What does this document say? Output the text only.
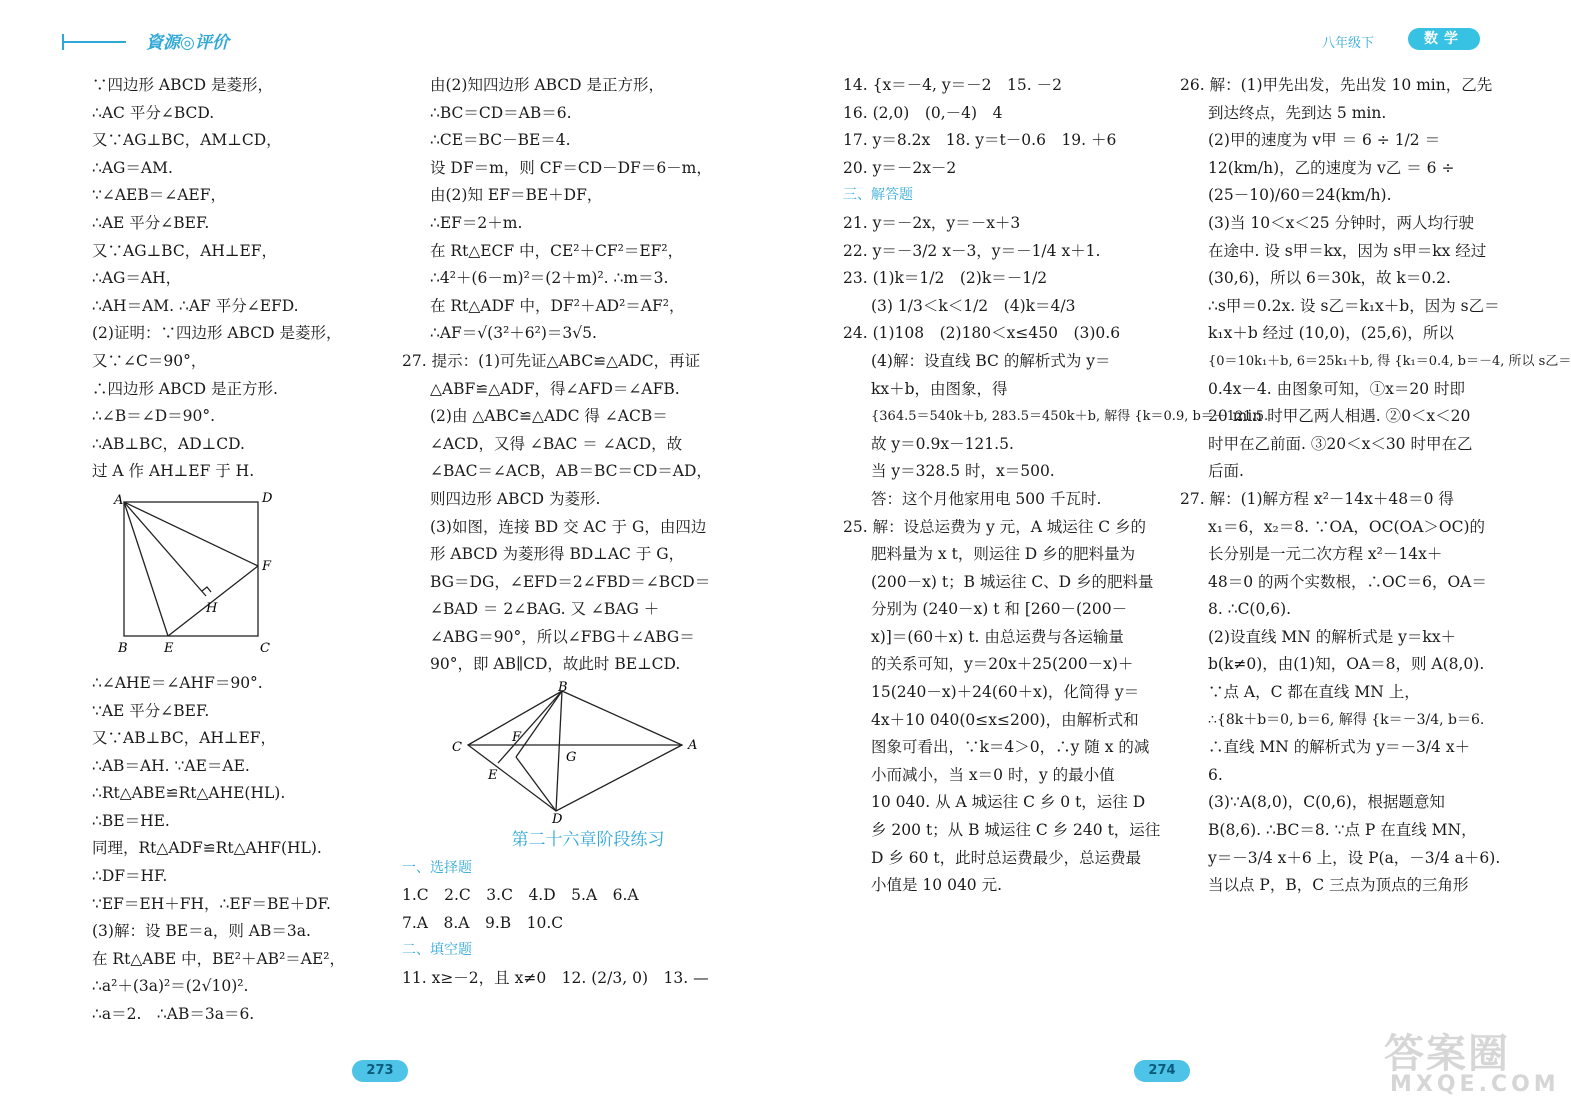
資源◎评价	八年级下	数学
∵四边形 ABCD 是菱形，
∴AC 平分∠BCD.
又∵AG⊥BC，AM⊥CD，
∴AG＝AM.
∵∠AEB＝∠AEF，
∴AE 平分∠BEF.
又∵AG⊥BC，AH⊥EF，
∴AG＝AH，
∴AH＝AM. ∴AF 平分∠EFD.
(2)证明：∵四边形 ABCD 是菱形，
又∵∠C＝90°，
∴四边形 ABCD 是正方形.
∴∠B＝∠D＝90°.
∴AB⊥BC，AD⊥CD.
过 A 作 AH⊥EF 于 H.
A	D
F
H
B	E	C
∴∠AHE＝∠AHF＝90°.
∵AE 平分∠BEF.
又∵AB⊥BC，AH⊥EF，
∴AB＝AH. ∵AE＝AE.
∴Rt△ABE≌Rt△AHE(HL).
∴BE＝HE.
同理，Rt△ADF≌Rt△AHF(HL).
∴DF＝HF.
∵EF＝EH＋FH，∴EF＝BE＋DF.
(3)解：设 BE＝a，则 AB＝3a.
在 Rt△ABE 中，BE²＋AB²＝AE²，
∴a²＋(3a)²＝(2√10)².
∴a＝2.　∴AB＝3a＝6.
由(2)知四边形 ABCD 是正方形，
∴BC＝CD＝AB＝6.
∴CE＝BC－BE＝4.
设 DF＝m，则 CF＝CD－DF＝6－m，
由(2)知 EF＝BE＋DF，
∴EF＝2＋m.
在 Rt△ECF 中，CE²＋CF²＝EF²，
∴4²＋(6－m)²＝(2＋m)². ∴m＝3.
在 Rt△ADF 中，DF²＋AD²＝AF²，
∴AF＝√(3²＋6²)＝3√5.
27. 提示：(1)可先证△ABC≌△ADC，再证
△ABF≌△ADF，得∠AFD＝∠AFB.
(2)由 △ABC≌△ADC 得 ∠ACB＝
∠ACD，又得 ∠BAC ＝ ∠ACD，故
∠BAC＝∠ACB，AB＝BC＝CD＝AD，
则四边形 ABCD 为菱形.
(3)如图，连接 BD 交 AC 于 G，由四边
形 ABCD 为菱形得 BD⊥AC 于 G，
BG＝DG，∠EFD＝2∠FBD＝∠BCD＝
∠BAD ＝ 2∠BAG. 又 ∠BAG ＋
∠ABG＝90°，所以∠FBG＋∠ABG＝
90°，即 AB∥CD，故此时 BE⊥CD.
B
C
F
G
A
E
D
第二十六章阶段练习
一、选择题
1.C　2.C　3.C　4.D　5.A　6.A
7.A　8.A　9.B　10.C
二、填空题
11. x≥－2，且 x≠0　12. (2/3, 0)　13. —
14. {x＝－4, y＝－2　15. －2
16. (2,0)　(0,－4)　4
17. y＝8.2x　18. y＝t－0.6　19. ＋6
20. y＝－2x－2
三、解答题
21. y＝－2x，y＝－x＋3
22. y＝－3/2 x－3，y＝－1/4 x＋1.
23. (1)k＝1/2　(2)k＝－1/2
(3) 1/3＜k＜1/2　(4)k＝4/3
24. (1)108　(2)180＜x≤450　(3)0.6
(4)解：设直线 BC 的解析式为 y＝
kx＋b，由图象，得
{364.5＝540k＋b, 283.5＝450k＋b, 解得 {k＝0.9, b＝－121.5.
故 y＝0.9x－121.5.
当 y＝328.5 时，x＝500.
答：这个月他家用电 500 千瓦时.
25. 解：设总运费为 y 元，A 城运往 C 乡的
肥料量为 x t，则运往 D 乡的肥料量为
(200－x) t；B 城运往 C、D 乡的肥料量
分别为 (240－x) t 和 [260－(200－
x)]＝(60＋x) t. 由总运费与各运输量
的关系可知，y＝20x＋25(200－x)＋
15(240－x)＋24(60＋x)，化简得 y＝
4x＋10 040(0≤x≤200)，由解析式和
图象可看出，∵k＝4＞0，∴y 随 x 的减
小而减小，当 x＝0 时，y 的最小值
10 040. 从 A 城运往 C 乡 0 t，运往 D
乡 200 t；从 B 城运往 C 乡 240 t，运往
D 乡 60 t，此时总运费最少，总运费最
小值是 10 040 元.
26. 解：(1)甲先出发，先出发 10 min，乙先
到达终点，先到达 5 min.
(2)甲的速度为 v甲 ＝ 6 ÷ 1/2 ＝
12(km/h)，乙的速度为 v乙 ＝ 6 ÷
(25－10)/60＝24(km/h).
(3)当 10＜x＜25 分钟时，两人均行驶
在途中. 设 s甲＝kx，因为 s甲＝kx 经过
(30,6)，所以 6＝30k，故 k＝0.2.
∴s甲＝0.2x. 设 s乙＝k₁x＋b，因为 s乙＝
k₁x＋b 经过 (10,0)，(25,6)，所以
{0＝10k₁＋b, 6＝25k₁＋b, 得 {k₁＝0.4, b＝－4, 所以 s乙＝
0.4x－4. 由图象可知，①x＝20 时即
20 min 时甲乙两人相遇. ②0＜x＜20
时甲在乙前面. ③20＜x＜30 时甲在乙
后面.
27. 解：(1)解方程 x²－14x＋48＝0 得
x₁＝6，x₂＝8. ∵OA，OC(OA＞OC)的
长分别是一元二次方程 x²－14x＋
48＝0 的两个实数根，∴OC＝6，OA＝
8. ∴C(0,6).
(2)设直线 MN 的解析式是 y＝kx＋
b(k≠0)，由(1)知，OA＝8，则 A(8,0).
∵点 A，C 都在直线 MN 上，
∴{8k＋b＝0, b＝6, 解得 {k＝－3/4, b＝6.
∴直线 MN 的解析式为 y＝－3/4 x＋
6.
(3)∵A(8,0)，C(0,6)，根据题意知
B(8,6). ∴BC＝8. ∵点 P 在直线 MN，
y＝－3/4 x＋6 上，设 P(a，－3/4 a＋6).
当以点 P，B，C 三点为顶点的三角形
273	274	答案圈
MXQE.COM
